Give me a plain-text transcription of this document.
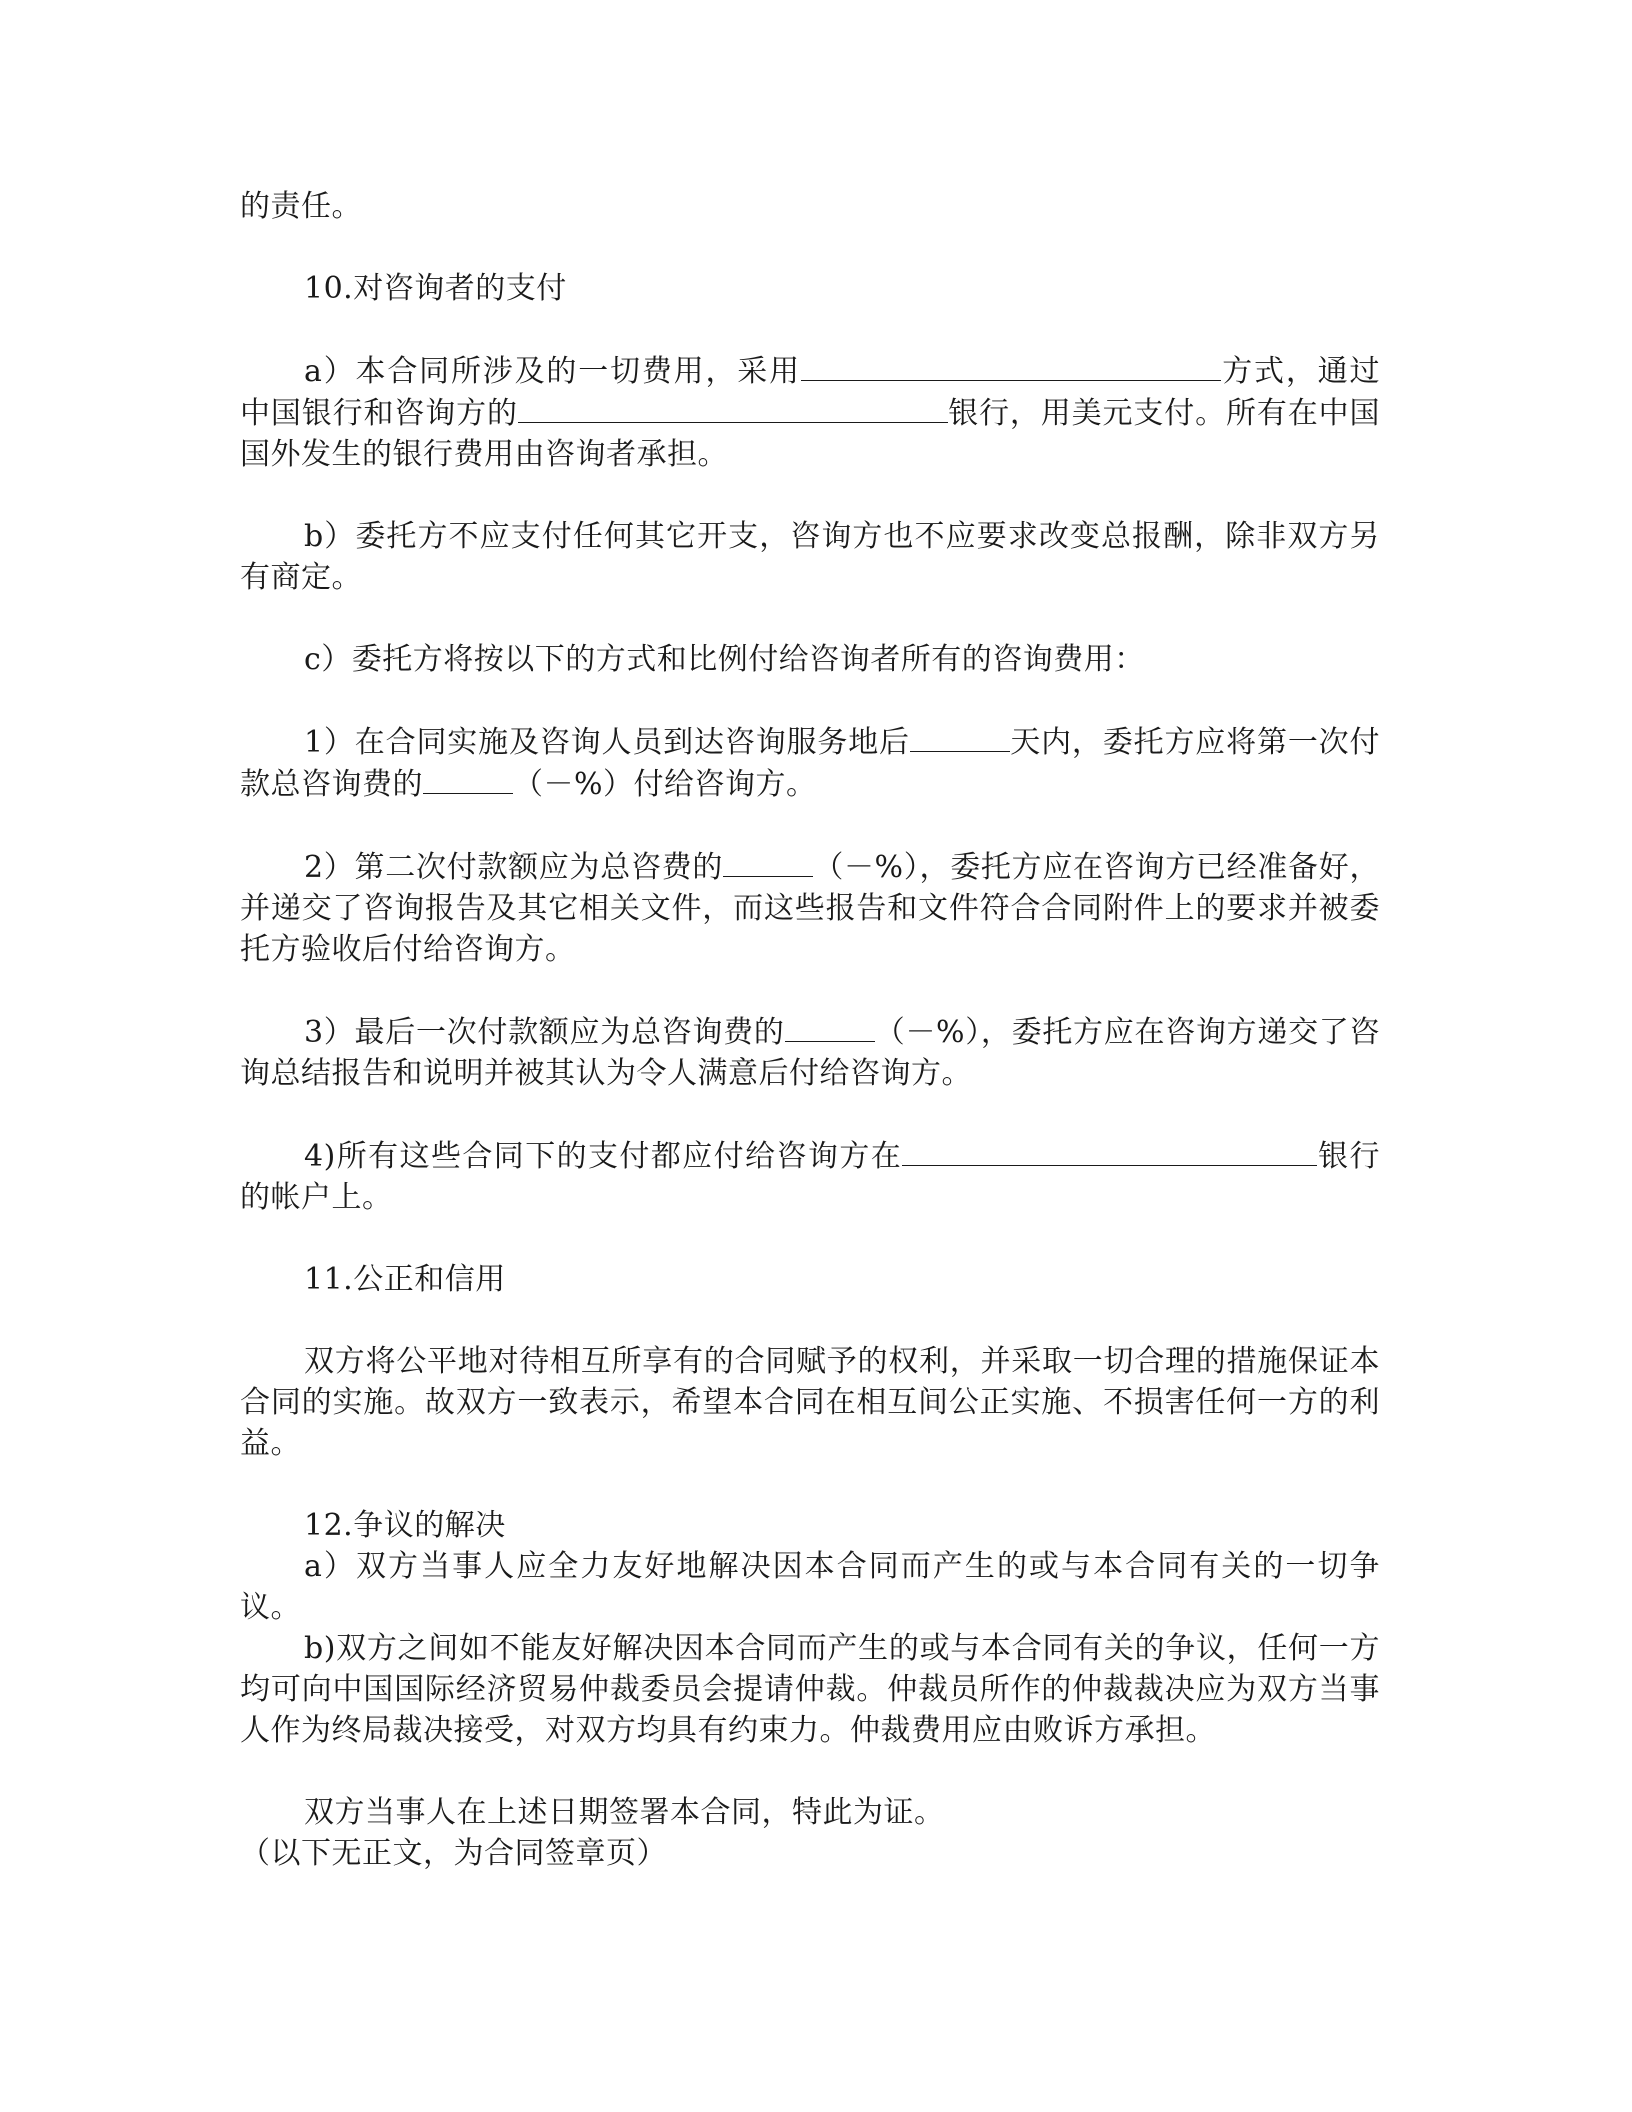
的责任。

10.对咨询者的支付

a）本合同所涉及的一切费用，采用	方式，通过中国银行和咨询方的	银行，用美元支付。所有在中国国外发生的银行费用由咨询者承担。

b）委托方不应支付任何其它开支，咨询方也不应要求改变总报酬，除非双方另有商定。

c）委托方将按以下的方式和比例付给咨询者所有的咨询费用：

1）在合同实施及咨询人员到达咨询服务地后	天内，委托方应将第一次付款总咨询费的	（－%）付给咨询方。

2）第二次付款额应为总咨费的	（－%），委托方应在咨询方已经准备好，并递交了咨询报告及其它相关文件，而这些报告和文件符合合同附件上的要求并被委托方验收后付给咨询方。

3）最后一次付款额应为总咨询费的	（－%），委托方应在咨询方递交了咨询总结报告和说明并被其认为令人满意后付给咨询方。

4)所有这些合同下的支付都应付给咨询方在	银行的帐户上。

11.公正和信用

双方将公平地对待相互所享有的合同赋予的权利，并采取一切合理的措施保证本合同的实施。故双方一致表示，希望本合同在相互间公正实施、不损害任何一方的利益。

12.争议的解决

a）双方当事人应全力友好地解决因本合同而产生的或与本合同有关的一切争议。

b)双方之间如不能友好解决因本合同而产生的或与本合同有关的争议，任何一方均可向中国国际经济贸易仲裁委员会提请仲裁。仲裁员所作的仲裁裁决应为双方当事人作为终局裁决接受，对双方均具有约束力。仲裁费用应由败诉方承担。

双方当事人在上述日期签署本合同，特此为证。

（以下无正文，为合同签章页）
